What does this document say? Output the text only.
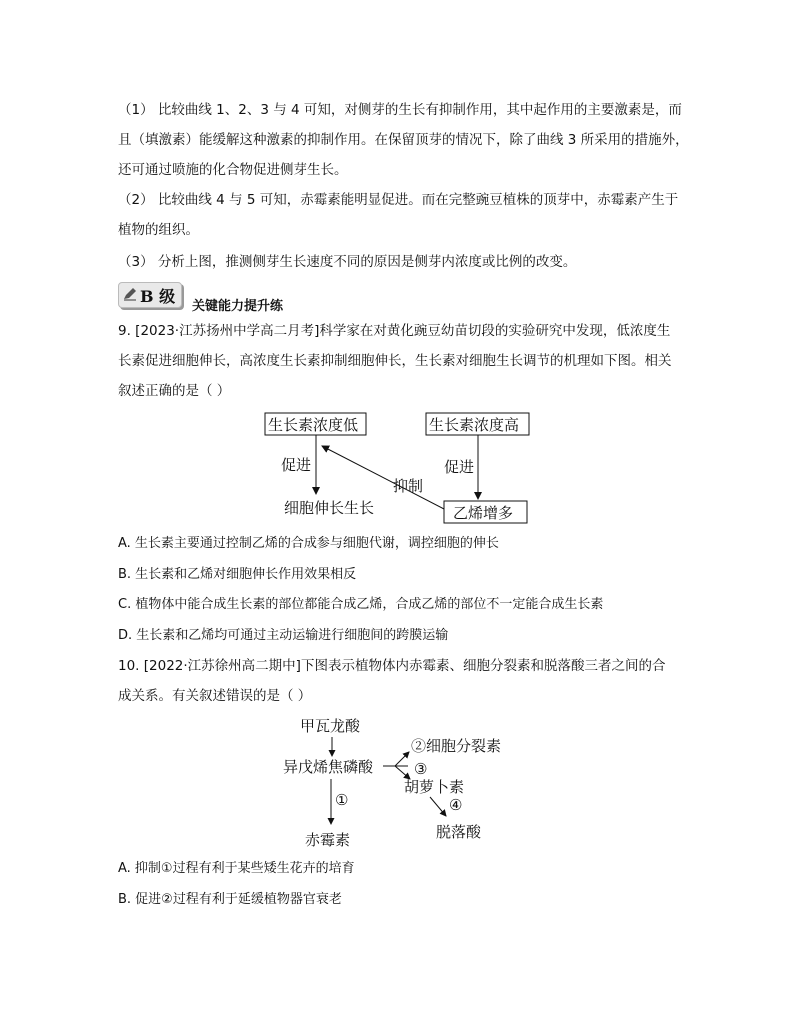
（1） 比较曲线 1、2、3 与 4 可知，对侧芽的生长有抑制作用，其中起作用的主要激素是，而
且（填激素）能缓解这种激素的抑制作用。在保留顶芽的情况下，除了曲线 3 所采用的措施外，
还可通过喷施的化合物促进侧芽生长。
（2） 比较曲线 4 与 5 可知，赤霉素能明显促进。而在完整豌豆植株的顶芽中，赤霉素产生于
植物的组织。
（3） 分析上图，推测侧芽生长速度不同的原因是侧芽内浓度或比例的改变。
B 级
关键能力提升练
9. [2023·江苏扬州中学高二月考]科学家在对黄化豌豆幼苗切段的实验研究中发现，低浓度生
长素促进细胞伸长，高浓度生长素抑制细胞伸长，生长素对细胞生长调节的机理如下图。相关
叙述正确的是（ ）
生长素浓度低	生长素浓度高
促进	促进
抑制
细胞伸长生长	乙烯增多
A. 生长素主要通过控制乙烯的合成参与细胞代谢，调控细胞的伸长
B. 生长素和乙烯对细胞伸长作用效果相反
C. 植物体中能合成生长素的部位都能合成乙烯，合成乙烯的部位不一定能合成生长素
D. 生长素和乙烯均可通过主动运输进行细胞间的跨膜运输
10. [2022·江苏徐州高二期中]下图表示植物体内赤霉素、细胞分裂素和脱落酸三者之间的合
成关系。有关叙述错误的是（ ）
甲瓦龙酸
异戊烯焦磷酸
②细胞分裂素
③
胡萝卜素
④
脱落酸
①
赤霉素
A. 抑制①过程有利于某些矮生花卉的培育
B. 促进②过程有利于延缓植物器官衰老
